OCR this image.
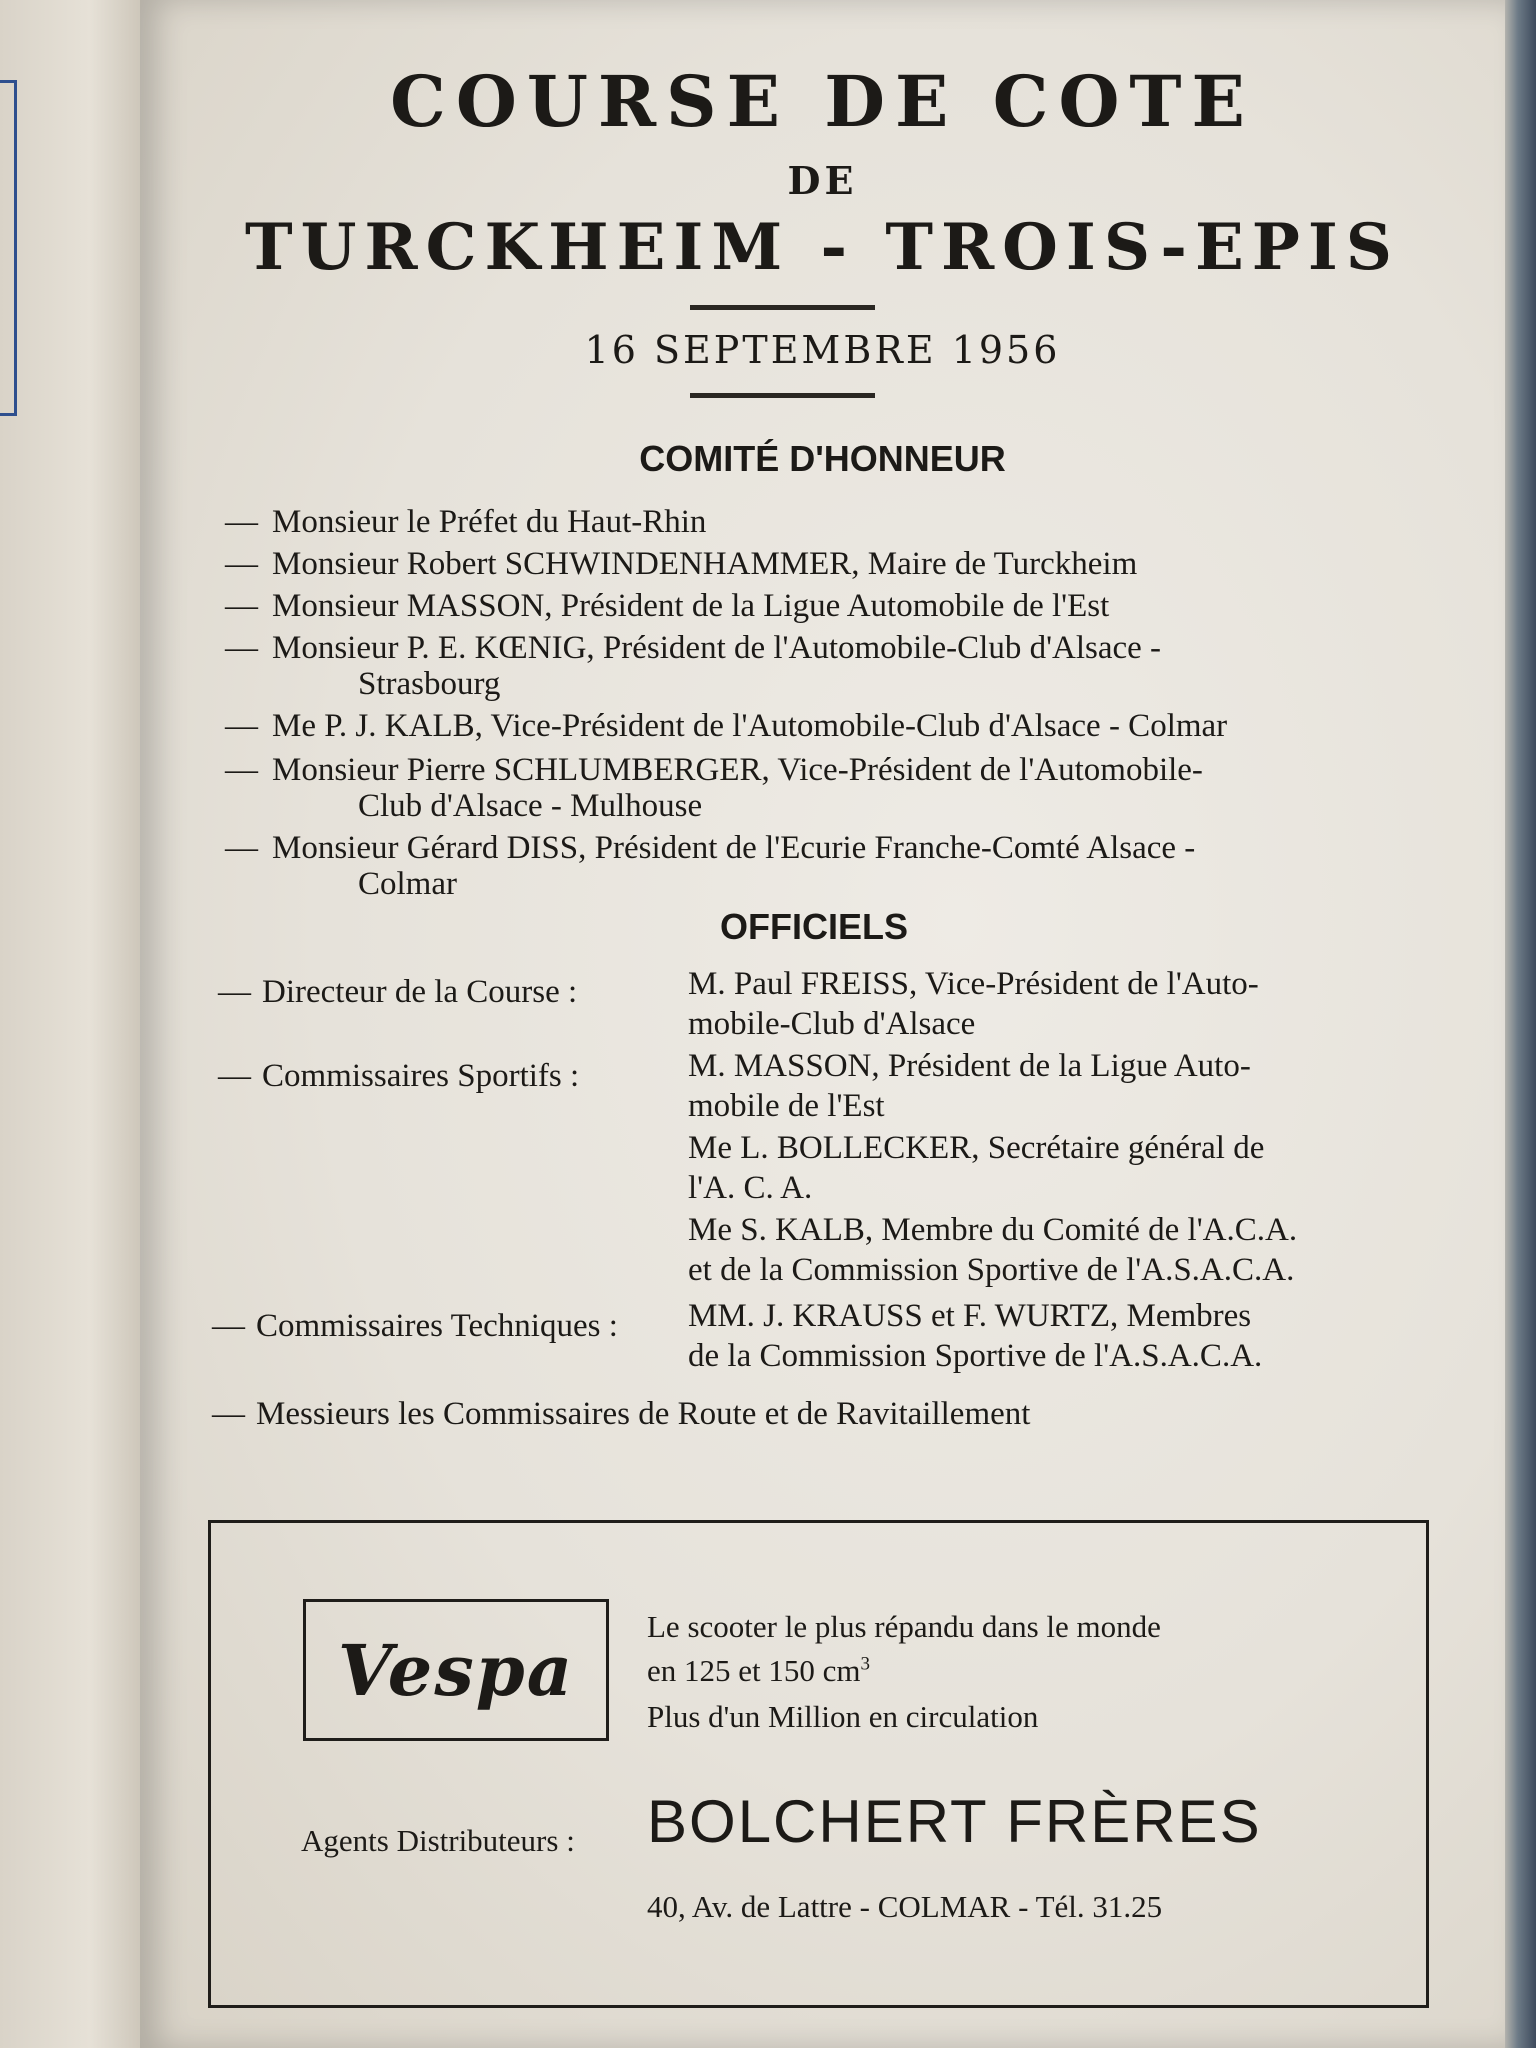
COURSE DE COTE
DE
TURCKHEIM - TROIS-EPIS
16 SEPTEMBRE 1956
COMITÉ D'HONNEUR
— Monsieur le Préfet du Haut-Rhin
— Monsieur Robert SCHWINDENHAMMER, Maire de Turckheim
— Monsieur MASSON, Président de la Ligue Automobile de l'Est
— Monsieur P. E. KŒNIG, Président de l'Automobile-Club d'Alsace -
Strasbourg
— Me P. J. KALB, Vice-Président de l'Automobile-Club d'Alsace - Colmar
— Monsieur Pierre SCHLUMBERGER, Vice-Président de l'Automobile-
Club d'Alsace - Mulhouse
— Monsieur Gérard DISS, Président de l'Ecurie Franche-Comté Alsace -
Colmar
OFFICIELS
— Directeur de la Course :	M. Paul FREISS, Vice-Président de l'Auto-
mobile-Club d'Alsace
— Commissaires Sportifs :	M. MASSON, Président de la Ligue Auto-
mobile de l'Est
Me L. BOLLECKER, Secrétaire général de
l'A. C. A.
Me S. KALB, Membre du Comité de l'A.C.A.
et de la Commission Sportive de l'A.S.A.C.A.
— Commissaires Techniques : MM. J. KRAUSS et F. WURTZ, Membres
de la Commission Sportive de l'A.S.A.C.A.
— Messieurs les Commissaires de Route et de Ravitaillement
Vespa
Le scooter le plus répandu dans le monde
en 125 et 150 $cm^3$
Plus d'un Million en circulation
Agents Distributeurs : BOLCHERT FRÈRES
40, Av. de Lattre - COLMAR - Tél. 31.25
